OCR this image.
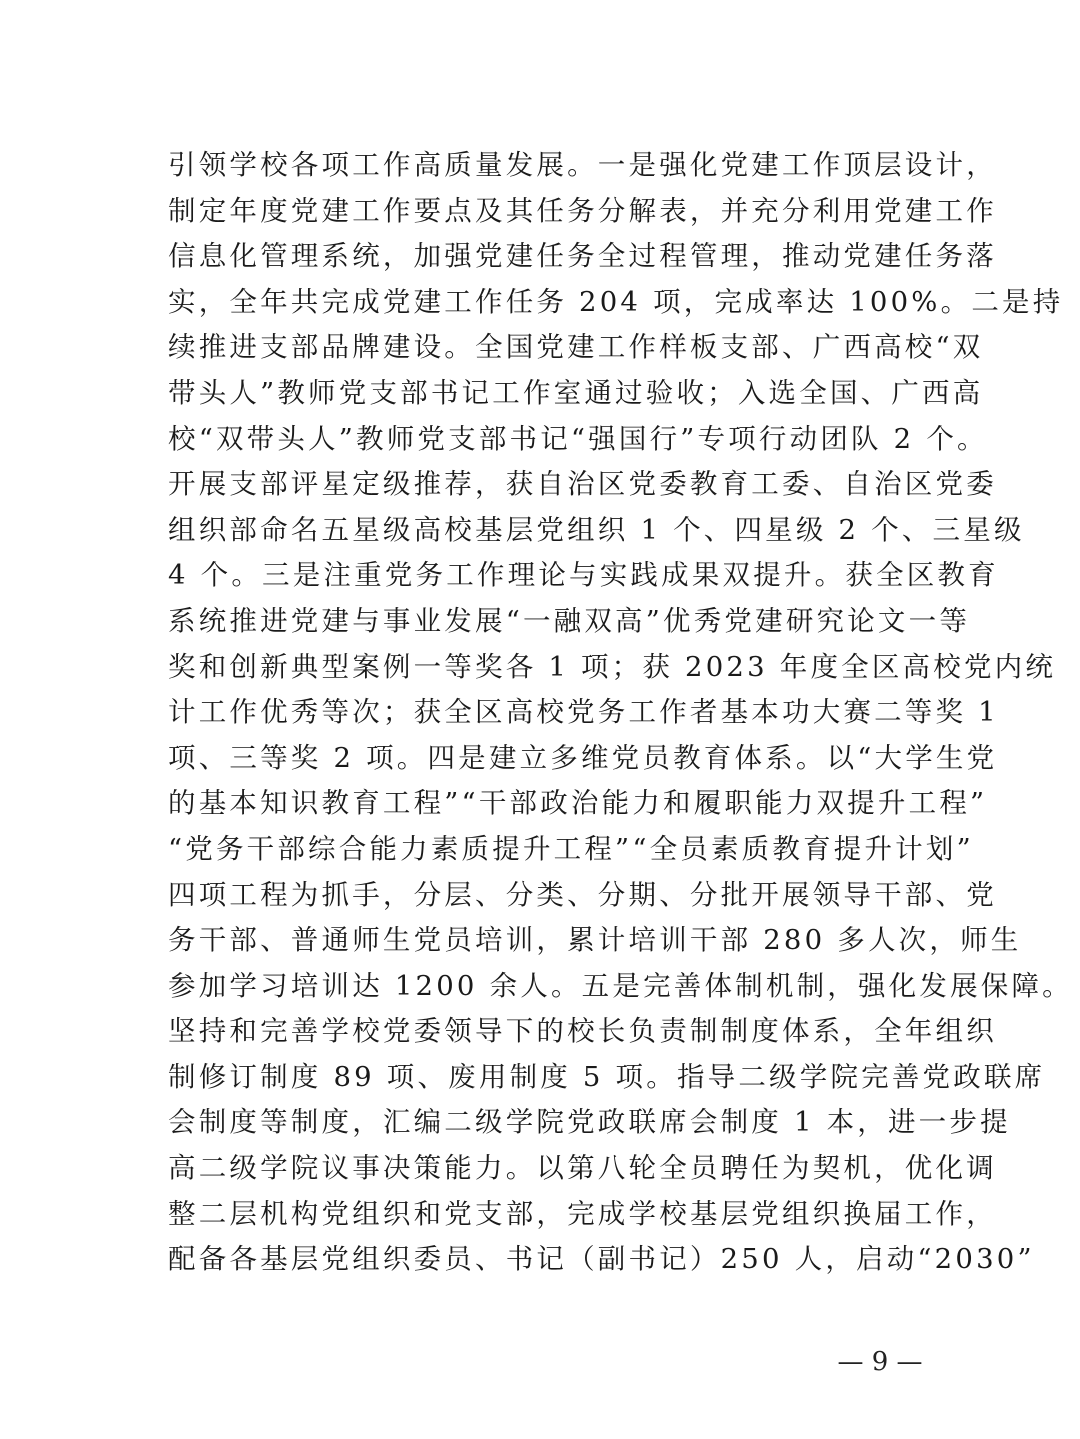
引领学校各项工作高质量发展。一是强化党建工作顶层设计，
制定年度党建工作要点及其任务分解表，并充分利用党建工作
信息化管理系统，加强党建任务全过程管理，推动党建任务落
实，全年共完成党建工作任务 204 项，完成率达 100%。二是持
续推进支部品牌建设。全国党建工作样板支部、广西高校“双
带头人”教师党支部书记工作室通过验收；入选全国、广西高
校“双带头人”教师党支部书记“强国行”专项行动团队 2 个。
开展支部评星定级推荐，获自治区党委教育工委、自治区党委
组织部命名五星级高校基层党组织 1 个、四星级 2 个、三星级
4 个。三是注重党务工作理论与实践成果双提升。获全区教育
系统推进党建与事业发展“一融双高”优秀党建研究论文一等
奖和创新典型案例一等奖各 1 项；获 2023 年度全区高校党内统
计工作优秀等次；获全区高校党务工作者基本功大赛二等奖 1
项、三等奖 2 项。四是建立多维党员教育体系。以“大学生党
的基本知识教育工程”“干部政治能力和履职能力双提升工程”
“党务干部综合能力素质提升工程”“全员素质教育提升计划”
四项工程为抓手，分层、分类、分期、分批开展领导干部、党
务干部、普通师生党员培训，累计培训干部 280 多人次，师生
参加学习培训达 1200 余人。五是完善体制机制，强化发展保障。
坚持和完善学校党委领导下的校长负责制制度体系，全年组织
制修订制度 89 项、废用制度 5 项。指导二级学院完善党政联席
会制度等制度，汇编二级学院党政联席会制度 1 本，进一步提
高二级学院议事决策能力。以第八轮全员聘任为契机，优化调
整二层机构党组织和党支部，完成学校基层党组织换届工作，
配备各基层党组织委员、书记（副书记）250 人，启动“2030”
— 9 —
